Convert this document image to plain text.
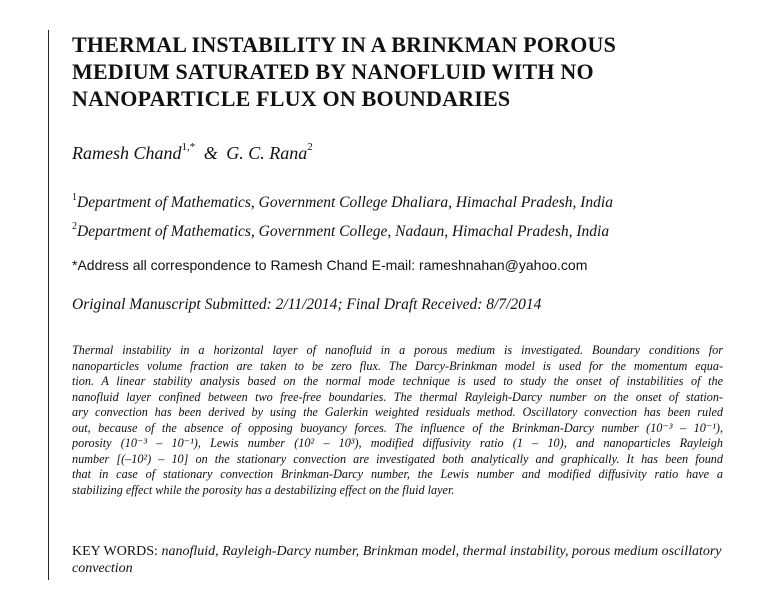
THERMAL INSTABILITY IN A BRINKMAN POROUS
MEDIUM SATURATED BY NANOFLUID WITH NO
NANOPARTICLE FLUX ON BOUNDARIES
Ramesh Chand$^{1,*}$ & G. C. Rana$^2$
$^1$Department of Mathematics, Government College Dhaliara, Himachal Pradesh, India
$^2$Department of Mathematics, Government College, Nadaun, Himachal Pradesh, India
*Address all correspondence to Ramesh Chand E-mail: rameshnahan@yahoo.com
Original Manuscript Submitted: 2/11/2014; Final Draft Received: 8/7/2014
Thermal instability in a horizontal layer of nanofluid in a porous medium is investigated. Boundary conditions for
nanoparticles volume fraction are taken to be zero flux. The Darcy-Brinkman model is used for the momentum equa-
tion. A linear stability analysis based on the normal mode technique is used to study the onset of instabilities of the
nanofluid layer confined between two free-free boundaries. The thermal Rayleigh-Darcy number on the onset of station-
ary convection has been derived by using the Galerkin weighted residuals method. Oscillatory convection has been ruled
out, because of the absence of opposing buoyancy forces. The influence of the Brinkman-Darcy number (10⁻³ – 10⁻¹),
porosity (10⁻³ – 10⁻¹), Lewis number (10² – 10³), modified diffusivity ratio (1 – 10), and nanoparticles Rayleigh
number [(–10²) – 10] on the stationary convection are investigated both analytically and graphically. It has been found
that in case of stationary convection Brinkman-Darcy number, the Lewis number and modified diffusivity ratio have a
stabilizing effect while the porosity has a destabilizing effect on the fluid layer.
KEY WORDS: nanofluid, Rayleigh-Darcy number, Brinkman model, thermal instability, porous medium oscillatory convection
